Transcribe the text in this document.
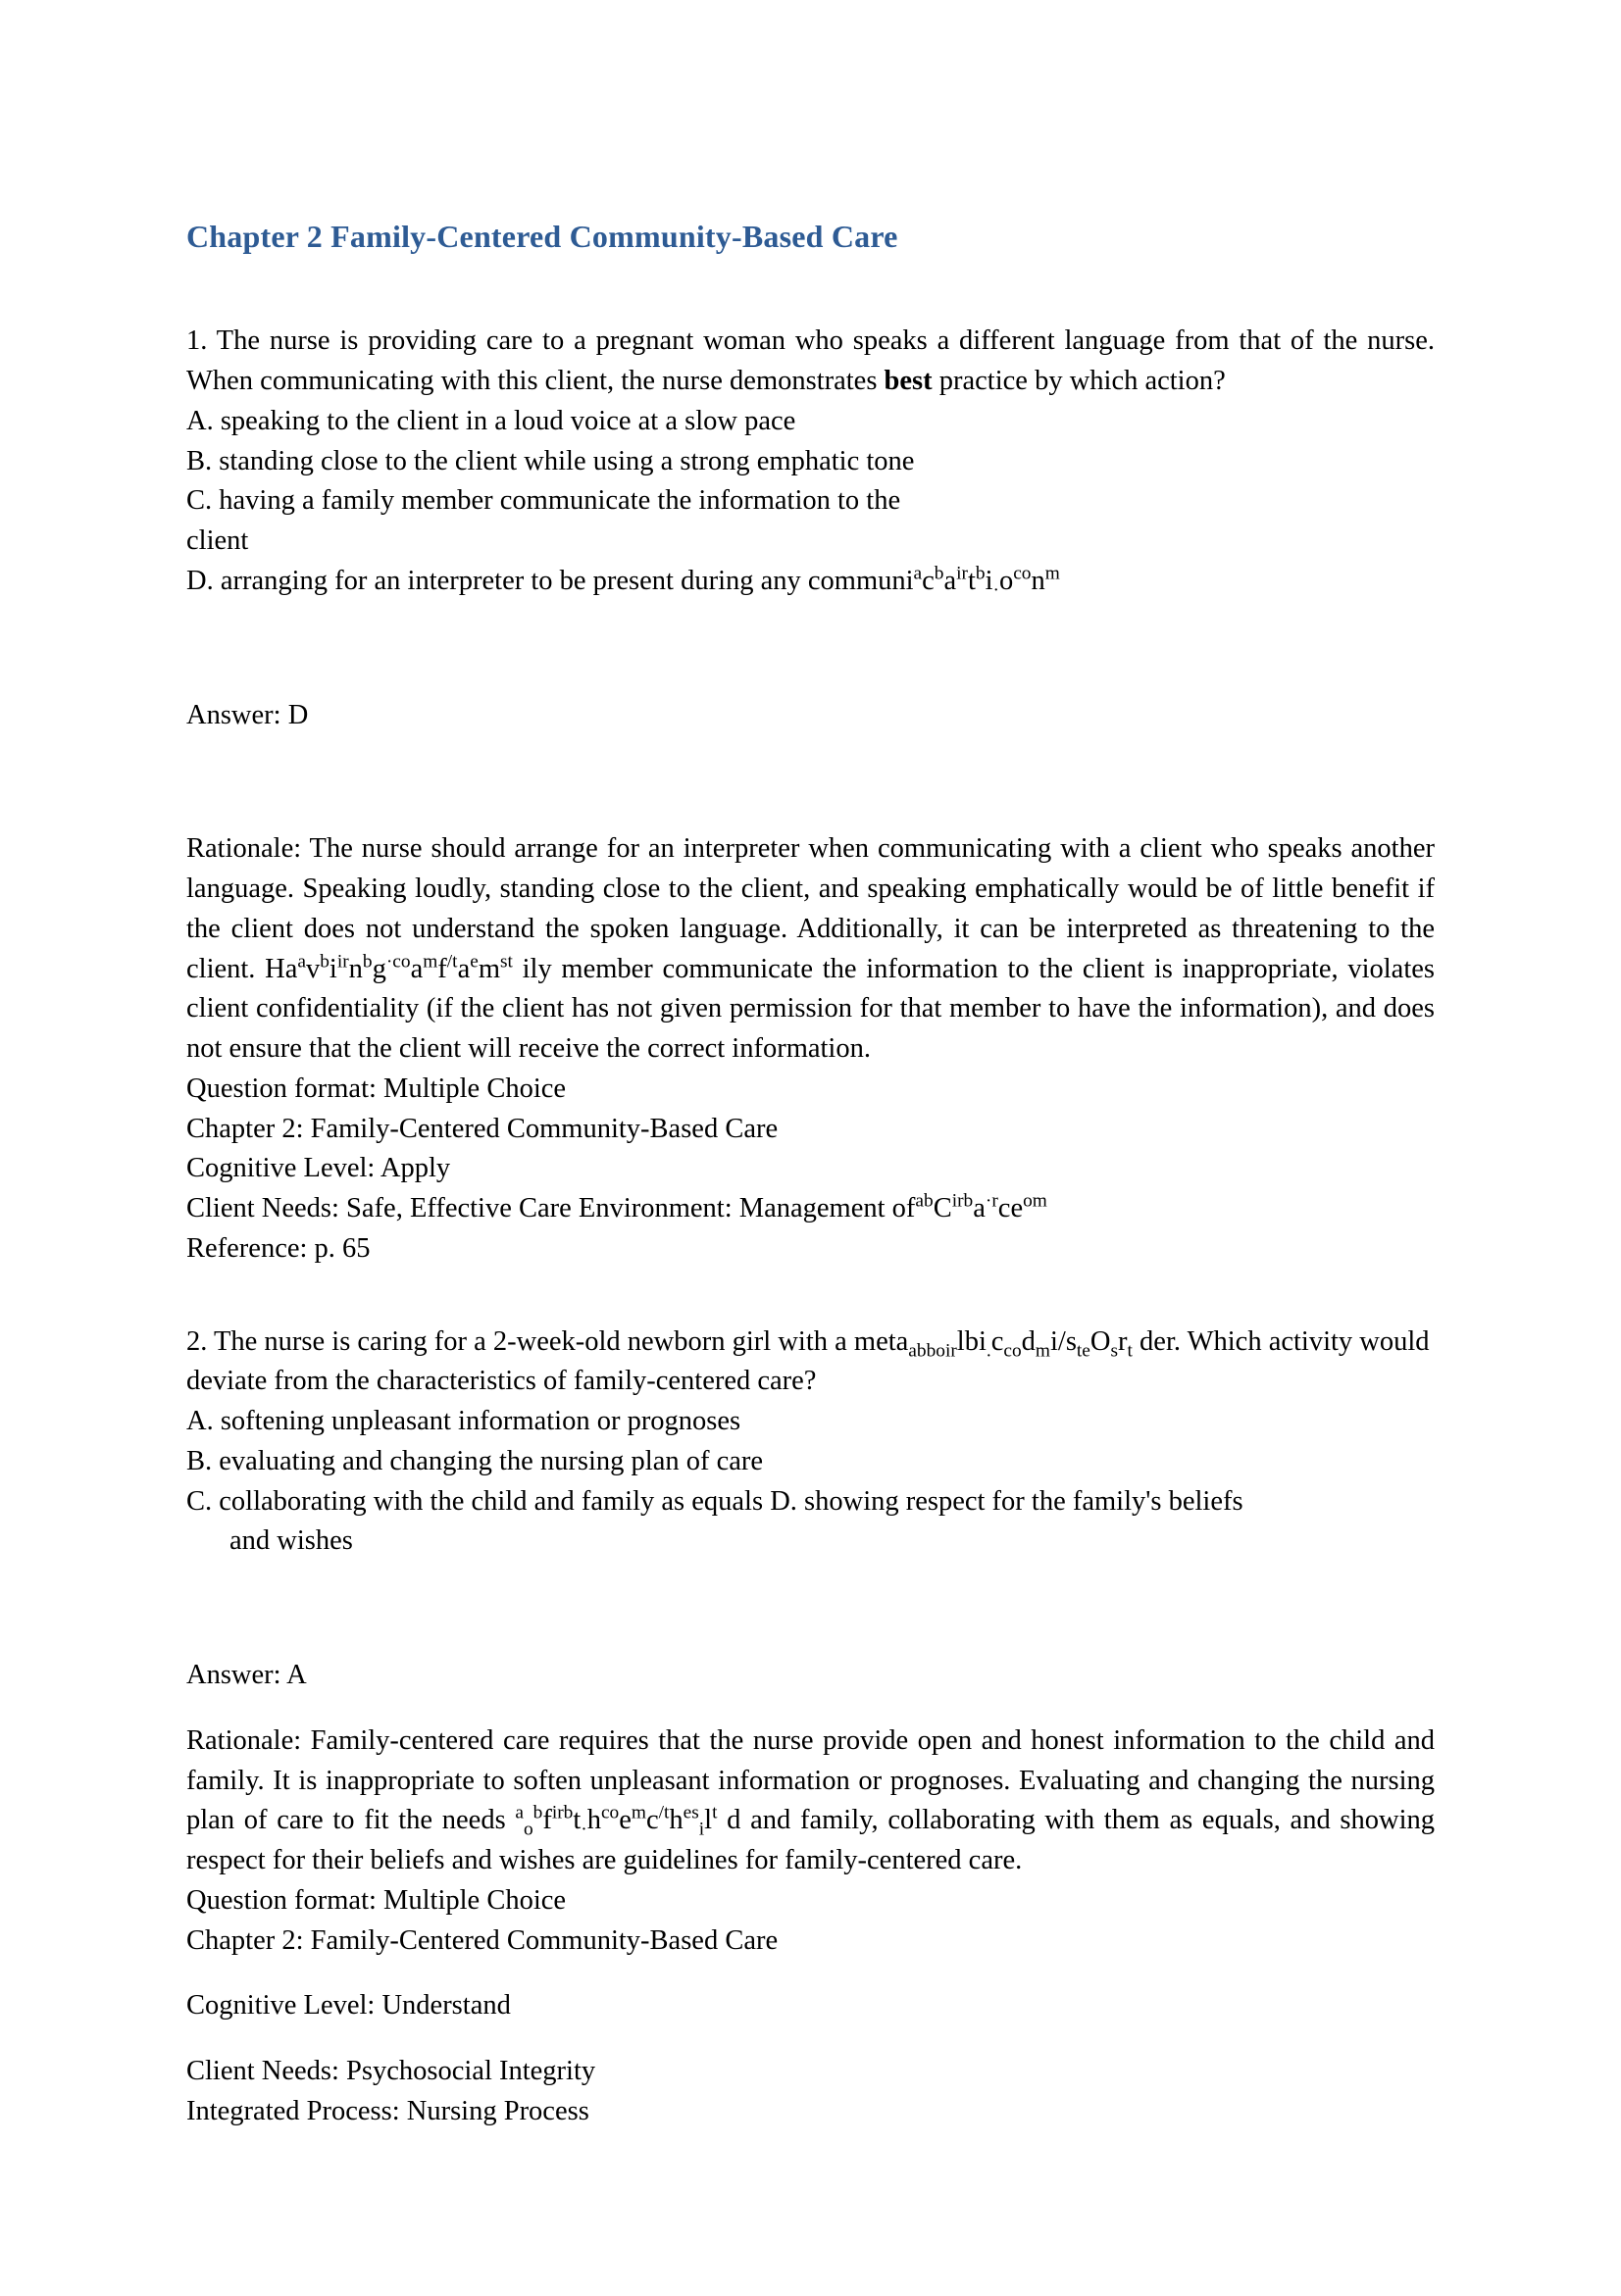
Chapter 2 Family-Centered Community-Based Care

1. The nurse is providing care to a pregnant woman who speaks a different language from that of the nurse. When communicating with this client, the nurse demonstrates best practice by which action?

A. speaking to the client in a loud voice at a slow pace

B. standing close to the client while using a strong emphatic tone

C. having a family member communicate the information to the

client

D. arranging for an interpreter to be present during any $communi^ac^ba^{ir}t^bi_\cdot o^{co}n^m$

Answer: D

Rationale: The nurse should arrange for an interpreter when communicating with a client who speaks another language. Speaking loudly, standing close to the client, and speaking emphatically would be of little benefit if the client does not understand the spoken language. Additionally, it can be interpreted as threatening to the client. $Ha^av^bi^{ir}n^bg^{\cdot co}a^mf^{/t}a^em^{st}$ ily member communicate the information to the client is inappropriate, violates client confidentiality (if the client has not given permission for that member to have the information), and does not ensure that the client will receive the correct information.

Question format: Multiple Choice

Chapter 2: Family-Centered Community-Based Care

Cognitive Level: Apply

Client Needs: Safe, Effective Care Environment: Management $of^{ab}C^{irb}a^{\cdot r}ce^{om}$

Reference: p. 65

2. The nurse is caring for a 2-week-old newborn girl with a $meta_{abboir}lbi_.c_{co}d_mi/s_{te}O_sr_t$ der. Which activity would deviate from the characteristics of family-centered care?

A. softening unpleasant information or prognoses

B. evaluating and changing the nursing plan of care

C. collaborating with the child and family as equals D. showing respect for the family's beliefs

and wishes

Answer: A

Rationale: Family-centered care requires that the nurse provide open and honest information to the child and family. It is inappropriate to soften unpleasant information or prognoses. Evaluating and changing the nursing plan of care to fit the needs $^a_o^bf^{irb}t_\cdot h^{co}e^mc^{/t}h^{es}_il^t$ d and family, collaborating with them as equals, and showing respect for their beliefs and wishes are guidelines for family-centered care.

Question format: Multiple Choice

Chapter 2: Family-Centered Community-Based Care

Cognitive Level: Understand

Client Needs: Psychosocial Integrity

Integrated Process: Nursing Process
